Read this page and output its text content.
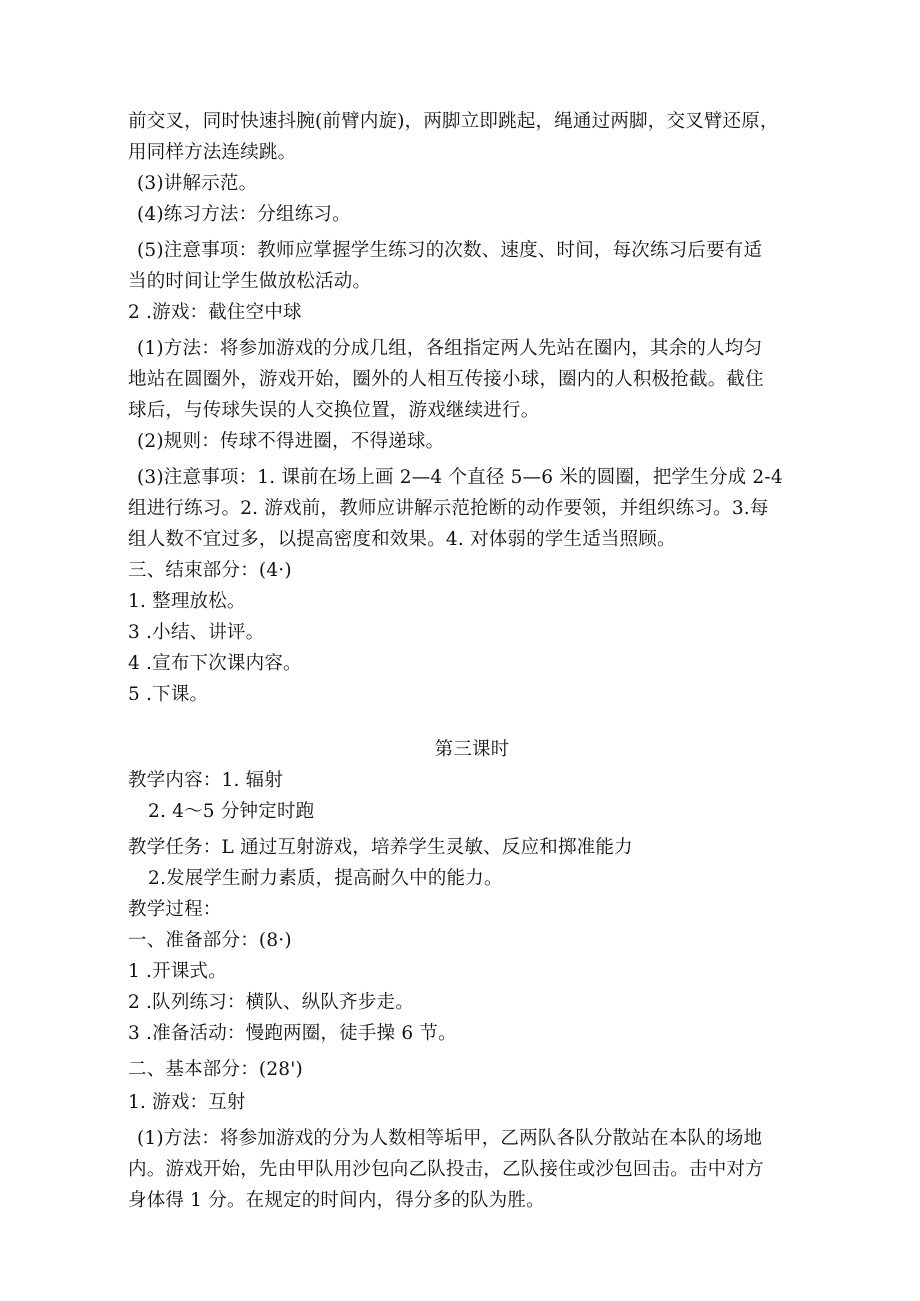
前交叉，同时快速抖腕(前臂内旋)，两脚立即跳起，绳通过两脚，交叉臂还原，
用同样方法连续跳。
(3)讲解示范。
(4)练习方法：分组练习。
(5)注意事项：教师应掌握学生练习的次数、速度、时间，每次练习后要有适
当的时间让学生做放松活动。
2 .游戏：截住空中球
(1)方法：将参加游戏的分成几组，各组指定两人先站在圈内，其余的人均匀
地站在圆圈外，游戏开始，圈外的人相互传接小球，圈内的人积极抢截。截住
球后，与传球失误的人交换位置，游戏继续进行。
(2)规则：传球不得进圈，不得递球。
(3)注意事项：1. 课前在场上画 2—4 个直径 5—6 米的圆圈，把学生分成 2-4
组进行练习。2. 游戏前，教师应讲解示范抢断的动作要领，并组织练习。3.每
组人数不宜过多，以提高密度和效果。4. 对体弱的学生适当照顾。
三、结束部分：(4·)
1. 整理放松。
3 .小结、讲评。
4 .宣布下次课内容。
5 .下课。
第三课时
教学内容：1. 辐射
2. 4～5 分钟定时跑
教学任务：L 通过互射游戏，培养学生灵敏、反应和掷准能力
2.发展学生耐力素质，提高耐久中的能力。
教学过程：
一、准备部分：(8·)
1 .开课式。
2 .队列练习：横队、纵队齐步走。
3 .准备活动：慢跑两圈，徒手操 6 节。
二、基本部分：(28')
1. 游戏：互射
(1)方法：将参加游戏的分为人数相等垢甲，乙两队各队分散站在本队的场地
内。游戏开始，先由甲队用沙包向乙队投击，乙队接住或沙包回击。击中对方
身体得 1 分。在规定的时间内，得分多的队为胜。
